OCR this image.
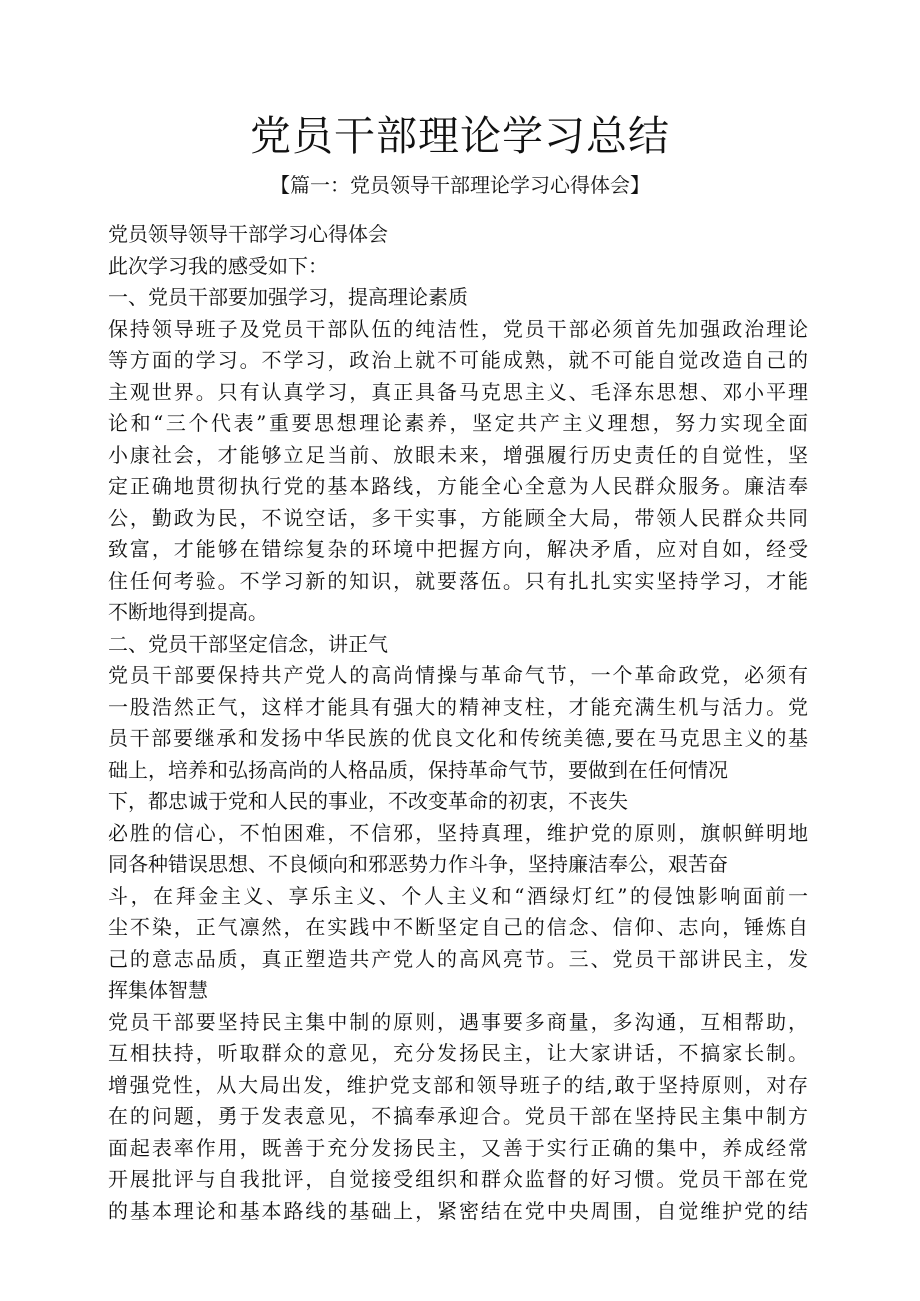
党员干部理论学习总结
【篇一：党员领导干部理论学习心得体会】
党员领导领导干部学习心得体会
此次学习我的感受如下：
一、党员干部要加强学习，提高理论素质
保持领导班子及党员干部队伍的纯洁性，党员干部必须首先加强政治理论
等方面的学习。不学习，政治上就不可能成熟，就不可能自觉改造自己的
主观世界。只有认真学习，真正具备马克思主义、毛泽东思想、邓小平理
论和“三个代表”重要思想理论素养，坚定共产主义理想，努力实现全面
小康社会，才能够立足当前、放眼未来，增强履行历史责任的自觉性，坚
定正确地贯彻执行党的基本路线，方能全心全意为人民群众服务。廉洁奉
公，勤政为民，不说空话，多干实事，方能顾全大局，带领人民群众共同
致富，才能够在错综复杂的环境中把握方向，解决矛盾，应对自如，经受
住任何考验。不学习新的知识，就要落伍。只有扎扎实实坚持学习，才能
不断地得到提高。
二、党员干部坚定信念，讲正气
党员干部要保持共产党人的高尚情操与革命气节，一个革命政党，必须有
一股浩然正气，这样才能具有强大的精神支柱，才能充满生机与活力。党
员干部要继承和发扬中华民族的优良文化和传统美德,要在马克思主义的基
础上，培养和弘扬高尚的人格品质，保持革命气节，要做到在任何情况
下，都忠诚于党和人民的事业，不改变革命的初衷，不丧失
必胜的信心，不怕困难，不信邪，坚持真理，维护党的原则，旗帜鲜明地
同各种错误思想、不良倾向和邪恶势力作斗争，坚持廉洁奉公，艰苦奋
斗，在拜金主义、享乐主义、个人主义和“酒绿灯红”的侵蚀影响面前一
尘不染，正气凛然，在实践中不断坚定自己的信念、信仰、志向，锤炼自
己的意志品质，真正塑造共产党人的高风亮节。三、党员干部讲民主，发
挥集体智慧
党员干部要坚持民主集中制的原则，遇事要多商量，多沟通，互相帮助，
互相扶持，听取群众的意见，充分发扬民主，让大家讲话，不搞家长制。
增强党性，从大局出发，维护党支部和领导班子的结,敢于坚持原则，对存
在的问题，勇于发表意见，不搞奉承迎合。党员干部在坚持民主集中制方
面起表率作用，既善于充分发扬民主，又善于实行正确的集中，养成经常
开展批评与自我批评，自觉接受组织和群众监督的好习惯。党员干部在党
的基本理论和基本路线的基础上，紧密结在党中央周围，自觉维护党的结
